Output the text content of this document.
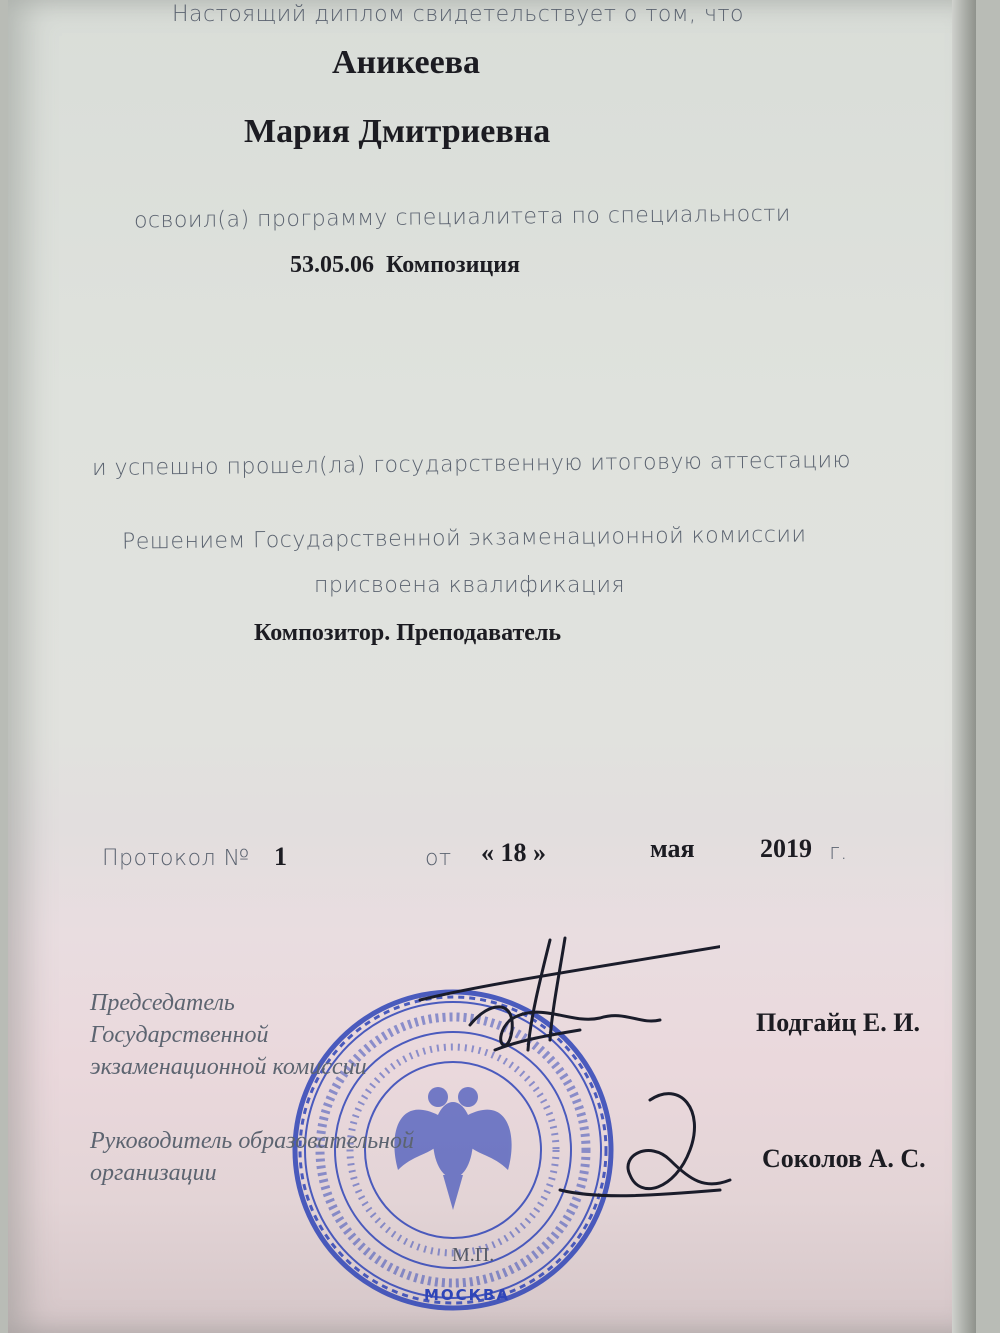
Настоящий диплом свидетельствует о том, что
Аникеева
Мария Дмитриевна
освоил(а) программу специалитета по специальности
53.05.06  Композиция
и успешно прошел(ла) государственную итоговую аттестацию
Решением Государственной экзаменационной комиссии
присвоена квалификация
Композитор. Преподаватель
Протокол № 1	от « 18 »	мая	2019 г.
МОСКВА
М.П.
Председатель
Государственной
экзаменационной комиссии
Подгайц Е. И.
Руководитель образовательной
организации	Соколов А. С.
